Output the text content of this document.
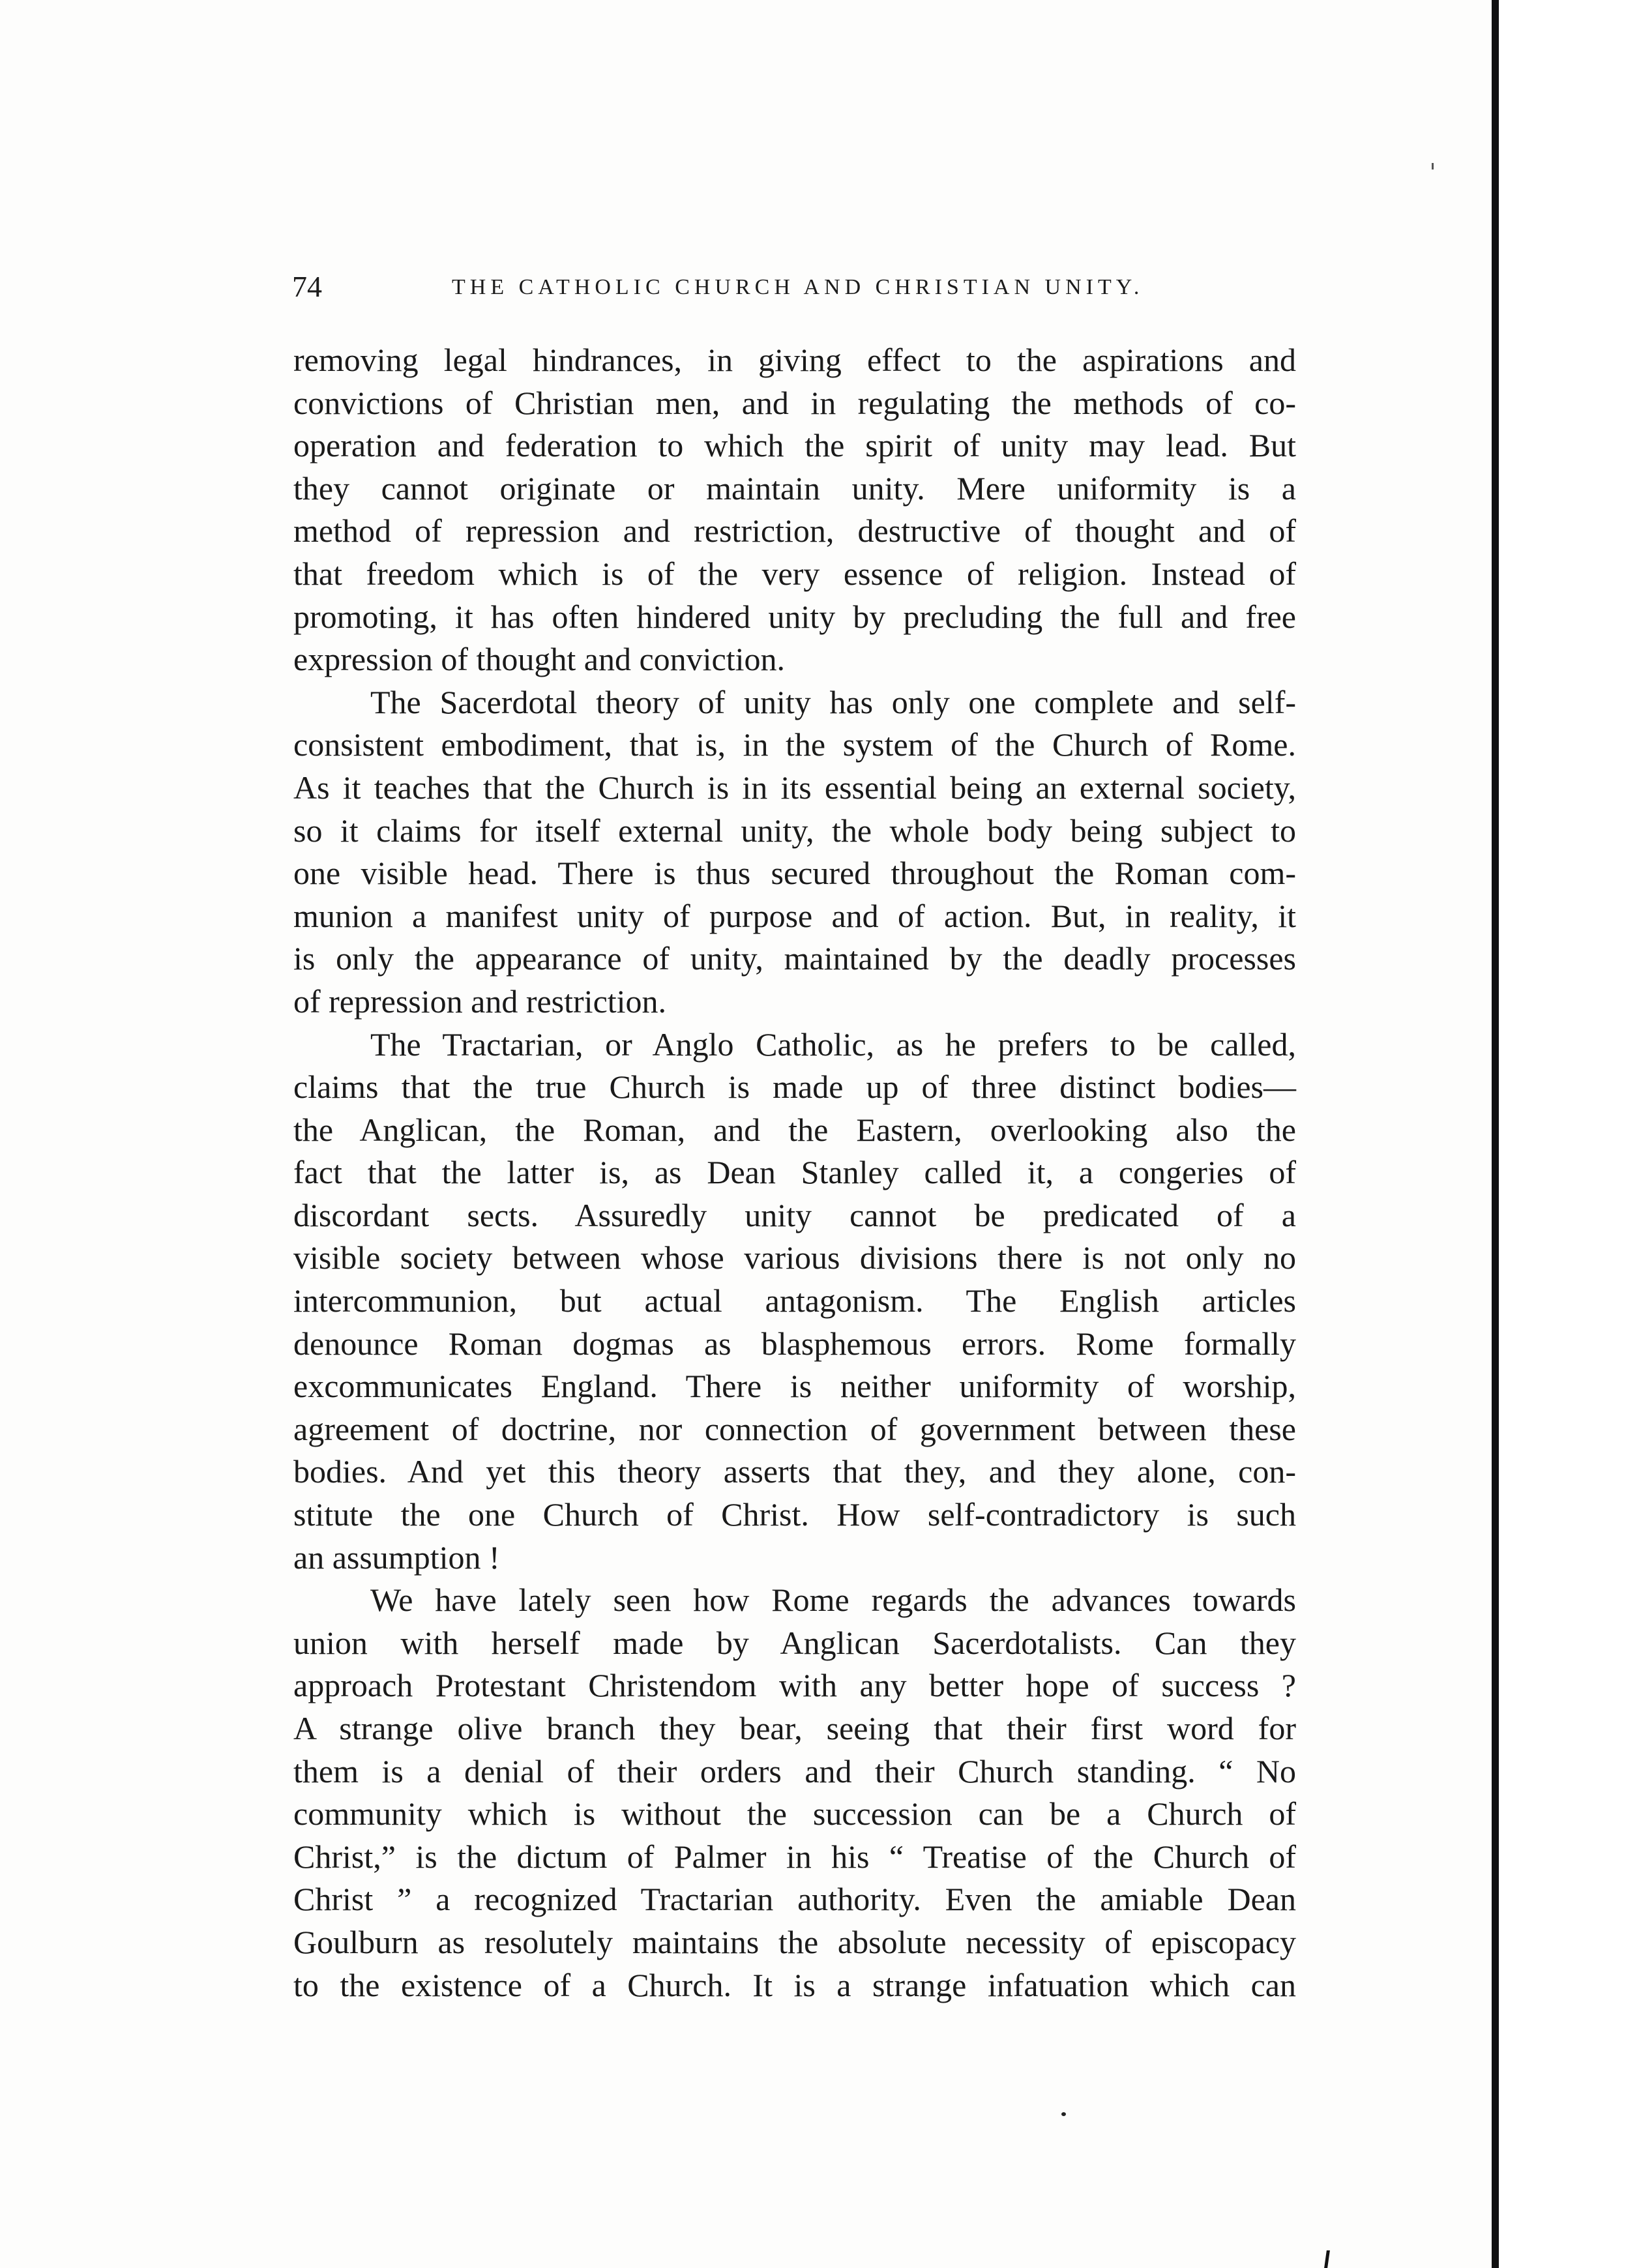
74	THE CATHOLIC CHURCH AND CHRISTIAN UNITY.
removing legal hindrances, in giving effect to the aspirations and
convictions of Christian men, and in regulating the methods of co-
operation and federation to which the spirit of unity may lead. But
they cannot originate or maintain unity. Mere uniformity is a
method of repression and restriction, destructive of thought and of
that freedom which is of the very essence of religion. Instead of
promoting, it has often hindered unity by precluding the full and free
expression of thought and conviction.
The Sacerdotal theory of unity has only one complete and self-
consistent embodiment, that is, in the system of the Church of Rome.
As it teaches that the Church is in its essential being an external society,
so it claims for itself external unity, the whole body being subject to
one visible head. There is thus secured throughout the Roman com-
munion a manifest unity of purpose and of action. But, in reality, it
is only the appearance of unity, maintained by the deadly processes
of repression and restriction.
The Tractarian, or Anglo Catholic, as he prefers to be called,
claims that the true Church is made up of three distinct bodies—
the Anglican, the Roman, and the Eastern, overlooking also the
fact that the latter is, as Dean Stanley called it, a congeries of
discordant sects. Assuredly unity cannot be predicated of a
visible society between whose various divisions there is not only no
intercommunion, but actual antagonism. The English articles
denounce Roman dogmas as blasphemous errors. Rome formally
excommunicates England. There is neither uniformity of worship,
agreement of doctrine, nor connection of government between these
bodies. And yet this theory asserts that they, and they alone, con-
stitute the one Church of Christ. How self-contradictory is such
an assumption !
We have lately seen how Rome regards the advances towards
union with herself made by Anglican Sacerdotalists. Can they
approach Protestant Christendom with any better hope of success ?
A strange olive branch they bear, seeing that their first word for
them is a denial of their orders and their Church standing. “ No
community which is without the succession can be a Church of
Christ,” is the dictum of Palmer in his “ Treatise of the Church of
Christ ” a recognized Tractarian authority. Even the amiable Dean
Goulburn as resolutely maintains the absolute necessity of episcopacy
to the existence of a Church. It is a strange infatuation which can
